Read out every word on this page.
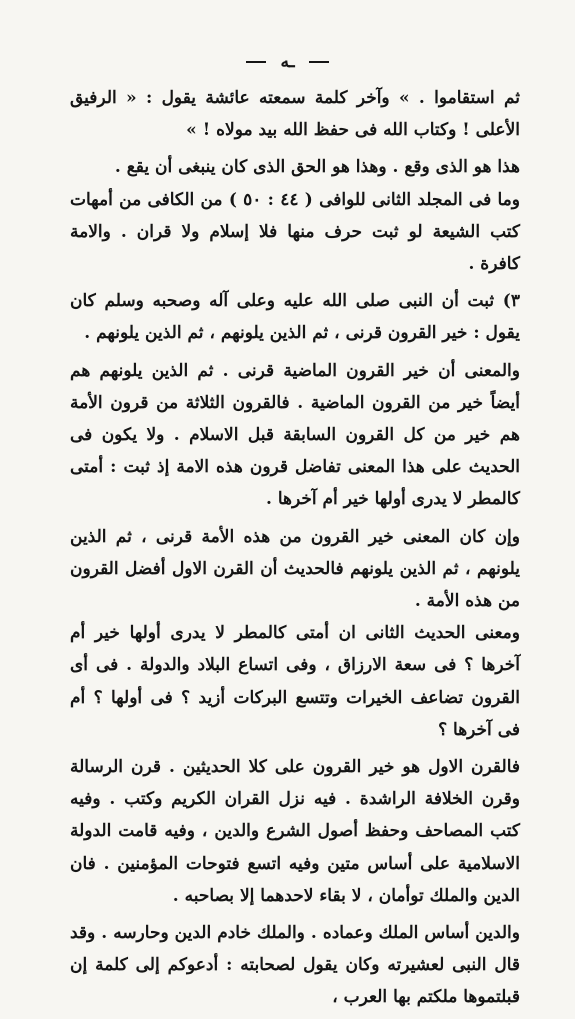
ـه

ثم استقاموا . » وآخر كلمة سمعته عائشة يقول : « الرفيق الأعلى ! وكتاب الله فى حفظ الله بيد مولاه ! »

هذا هو الذى وقع . وهذا هو الحق الذى كان ينبغى أن يقع .

وما فى المجلد الثانى للوافى ( ٤٤ : ٥٠ ) من الكافى من أمهات كتب الشيعة لو ثبت حرف منها فلا إسلام ولا قران . والامة كافرة .

٣) ثبت أن النبى صلى الله عليه وعلى آله وصحبه وسلم كان يقول : خير القرون قرنى ، ثم الذين يلونهم ، ثم الذين يلونهم .

والمعنى أن خير القرون الماضية قرنى . ثم الذين يلونهم هم أيضاً خير من القرون الماضية . فالقرون الثلاثة من قرون الأمة هم خير من كل القرون السابقة قبل الاسلام . ولا يكون فى الحديث على هذا المعنى تفاضل قرون هذه الامة إذ ثبت : أمتى كالمطر لا يدرى أولها خير أم آخرها .

وإن كان المعنى خير القرون من هذه الأمة قرنى ، ثم الذين يلونهم ، ثم الذين يلونهم فالحديث أن القرن الاول أفضل القرون من هذه الأمة .

ومعنى الحديث الثانى ان أمتى كالمطر لا يدرى أولها خير أم آخرها ؟ فى سعة الارزاق ، وفى اتساع البلاد والدولة . فى أى القرون تضاعف الخيرات وتتسع البركات أزيد ؟ فى أولها ؟ أم فى آخرها ؟

فالقرن الاول هو خير القرون على كلا الحديثين . قرن الرسالة وقرن الخلافة الراشدة . فيه نزل القران الكريم وكتب . وفيه كتب المصاحف وحفظ أصول الشرع والدين ، وفيه قامت الدولة الاسلامية على أساس متين وفيه اتسع فتوحات المؤمنين . فان الدين والملك توأمان ، لا بقاء لاحدهما إلا بصاحبه .

والدين أساس الملك وعماده . والملك خادم الدين وحارسه . وقد قال النبى لعشيرته وكان يقول لصحابته : أدعوكم إلى كلمة إن قبلتموها ملكتم بها العرب ،
